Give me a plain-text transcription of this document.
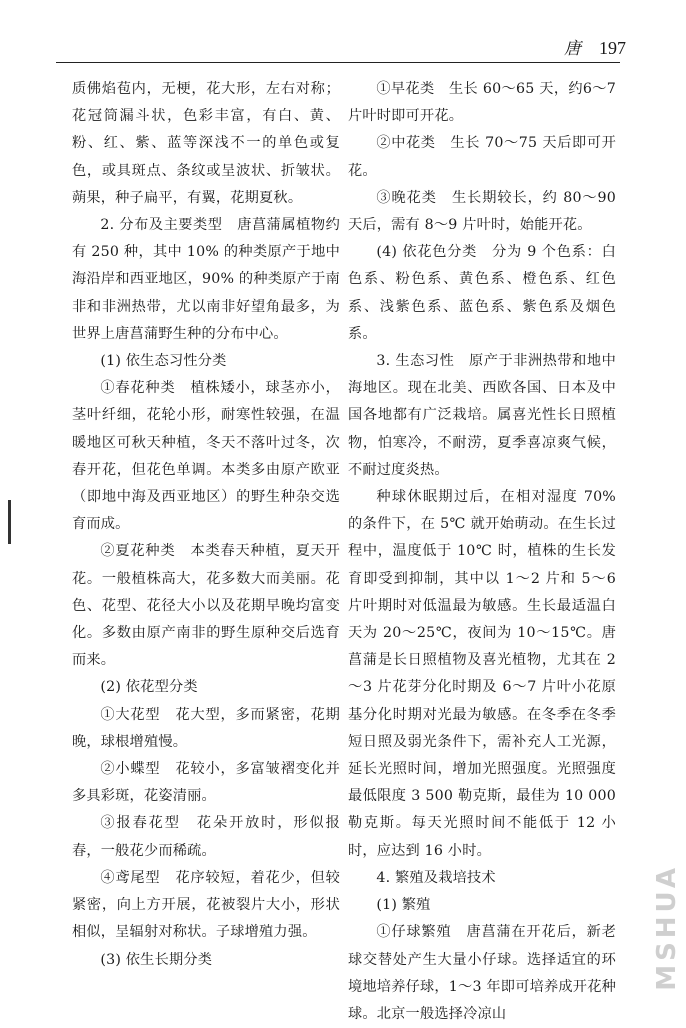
唐 197

质佛焰苞内，无梗，花大形，左右对称；花冠筒漏斗状，色彩丰富，有白、黄、粉、红、紫、蓝等深浅不一的单色或复色，或具斑点、条纹或呈波状、折皱状。蒴果，种子扁平，有翼，花期夏秋。

2. 分布及主要类型　唐菖蒲属植物约有 250 种，其中 10% 的种类原产于地中海沿岸和西亚地区，90% 的种类原产于南非和非洲热带，尤以南非好望角最多，为世界上唐菖蒲野生种的分布中心。

(1) 依生态习性分类

①春花种类　植株矮小，球茎亦小，茎叶纤细，花轮小形，耐寒性较强，在温暖地区可秋天种植，冬天不落叶过冬，次春开花，但花色单调。本类多由原产欧亚（即地中海及西亚地区）的野生种杂交选育而成。

②夏花种类　本类春天种植，夏天开花。一般植株高大，花多数大而美丽。花色、花型、花径大小以及花期早晚均富变化。多数由原产南非的野生原种交后选育而来。

(2) 依花型分类

①大花型　花大型，多而紧密，花期晚，球根增殖慢。

②小蝶型　花较小，多富皱褶变化并多具彩斑，花姿清丽。

③报春花型　花朵开放时，形似报春，一般花少而稀疏。

④鸢尾型　花序较短，着花少，但较紧密，向上方开展，花被裂片大小，形状相似，呈辐射对称状。子球增殖力强。

(3) 依生长期分类

①早花类　生长 60～65 天，约6～7 片叶时即可开花。

②中花类　生长 70～75 天后即可开花。

③晚花类　生长期较长，约 80～90 天后，需有 8～9 片叶时，始能开花。

(4) 依花色分类　分为 9 个色系：白色系、粉色系、黄色系、橙色系、红色系、浅紫色系、蓝色系、紫色系及烟色系。

3. 生态习性　原产于非洲热带和地中海地区。现在北美、西欧各国、日本及中国各地都有广泛栽培。属喜光性长日照植物，怕寒冷，不耐涝，夏季喜凉爽气候，不耐过度炎热。

种球休眠期过后，在相对湿度 70% 的条件下，在 5℃ 就开始萌动。在生长过程中，温度低于 10℃ 时，植株的生长发育即受到抑制，其中以 1～2 片和 5～6 片叶期时对低温最为敏感。生长最适温白天为 20～25℃，夜间为 10～15℃。唐菖蒲是长日照植物及喜光植物，尤其在 2～3 片花芽分化时期及 6～7 片叶小花原基分化时期对光最为敏感。在冬季在冬季短日照及弱光条件下，需补充人工光源，延长光照时间，增加光照强度。光照强度最低限度 3 500 勒克斯，最佳为 10 000勒克斯。每天光照时间不能低于 12 小时，应达到 16 小时。

4. 繁殖及栽培技术

(1) 繁殖

①仔球繁殖　唐菖蒲在开花后，新老球交替处产生大量小仔球。选择适宜的环境地培养仔球，1～3 年即可培养成开花种球。北京一般选择冷凉山

MSHUA
